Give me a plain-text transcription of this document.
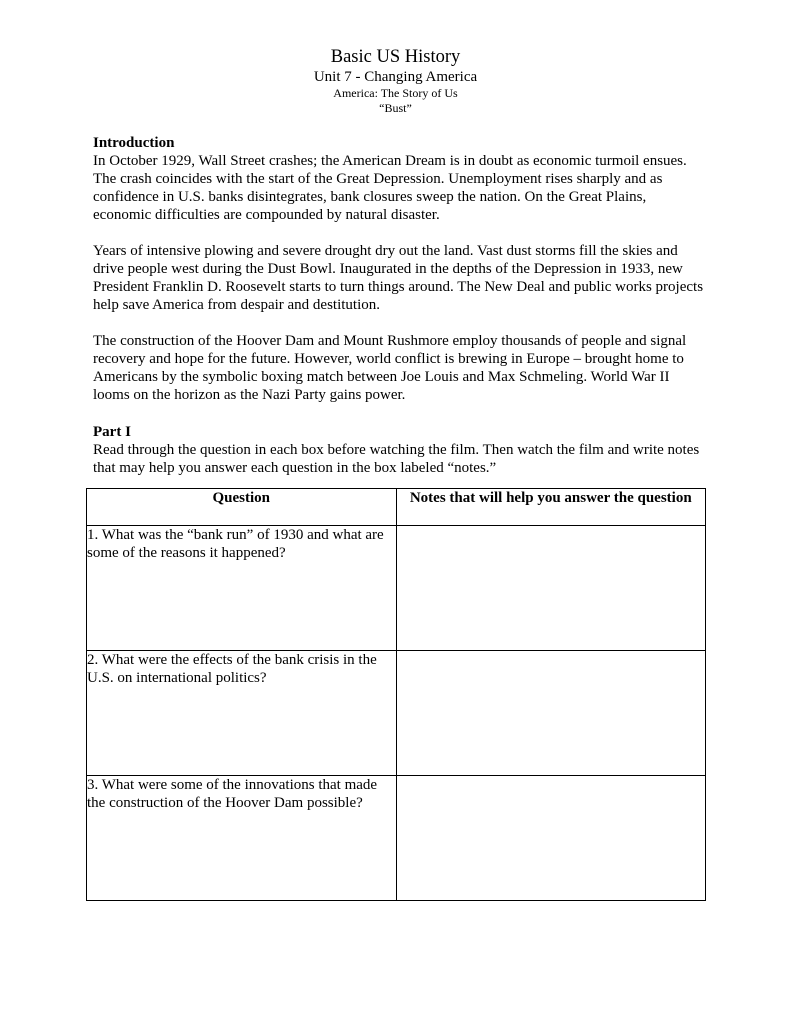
Basic US History
Unit 7 - Changing America
America: The Story of Us
“Bust”
Introduction

In October 1929, Wall Street crashes; the American Dream is in doubt as economic turmoil ensues. The crash coincides with the start of the Great Depression. Unemployment rises sharply and as confidence in U.S. banks disintegrates, bank closures sweep the nation. On the Great Plains, economic difficulties are compounded by natural disaster.

Years of intensive plowing and severe drought dry out the land. Vast dust storms fill the skies and drive people west during the Dust Bowl. Inaugurated in the depths of the Depression in 1933, new President Franklin D. Roosevelt starts to turn things around. The New Deal and public works projects help save America from despair and destitution.

The construction of the Hoover Dam and Mount Rushmore employ thousands of people and signal recovery and hope for the future. However, world conflict is brewing in Europe – brought home to Americans by the symbolic boxing match between Joe Louis and Max Schmeling. World War II looms on the horizon as the Nazi Party gains power.

Part I

Read through the question in each box before watching the film. Then watch the film and write notes that may help you answer each question in the box labeled “notes.”

Question	Notes that will help you answer the question
1. What was the “bank run” of 1930 and what are some of the reasons it happened?	
2. What were the effects of the bank crisis in the U.S. on international politics?	
3. What were some of the innovations that made the construction of the Hoover Dam possible?	
